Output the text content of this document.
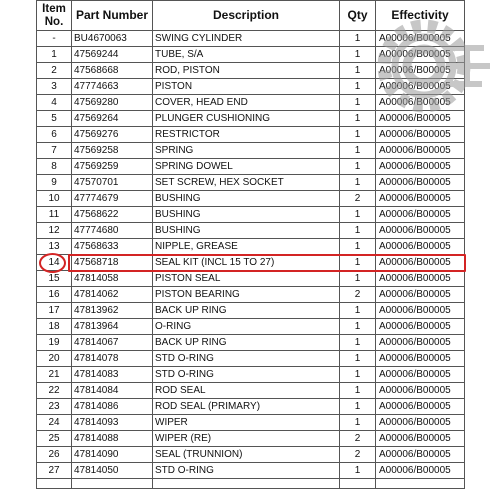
Item
No.	Part Number	Description	Qty	Effectivity
-	BU4670063	SWING CYLINDER	1	A00006/B00005
1	47569244	TUBE, S/A	1	A00006/B00005
2	47568668	ROD, PISTON	1	A00006/B00005
3	47774663	PISTON	1	A00006/B00005
4	47569280	COVER, HEAD END	1	A00006/B00005
5	47569264	PLUNGER CUSHIONING	1	A00006/B00005
6	47569276	RESTRICTOR	1	A00006/B00005
7	47569258	SPRING	1	A00006/B00005
8	47569259	SPRING DOWEL	1	A00006/B00005
9	47570701	SET SCREW, HEX SOCKET	1	A00006/B00005
10	47774679	BUSHING	2	A00006/B00005
11	47568622	BUSHING	1	A00006/B00005
12	47774680	BUSHING	1	A00006/B00005
13	47568633	NIPPLE, GREASE	1	A00006/B00005
14	47568718	SEAL KIT (INCL 15 TO 27)	1	A00006/B00005
15	47814058	PISTON SEAL	1	A00006/B00005
16	47814062	PISTON BEARING	2	A00006/B00005
17	47813962	BACK UP RING	1	A00006/B00005
18	47813964	O-RING	1	A00006/B00005
19	47814067	BACK UP RING	1	A00006/B00005
20	47814078	STD O-RING	1	A00006/B00005
21	47814083	STD O-RING	1	A00006/B00005
22	47814084	ROD SEAL	1	A00006/B00005
23	47814086	ROD SEAL (PRIMARY)	1	A00006/B00005
24	47814093	WIPER	1	A00006/B00005
25	47814088	WIPER (RE)	2	A00006/B00005
26	47814090	SEAL (TRUNNION)	2	A00006/B00005
27	47814050	STD O-RING	1	A00006/B00005
